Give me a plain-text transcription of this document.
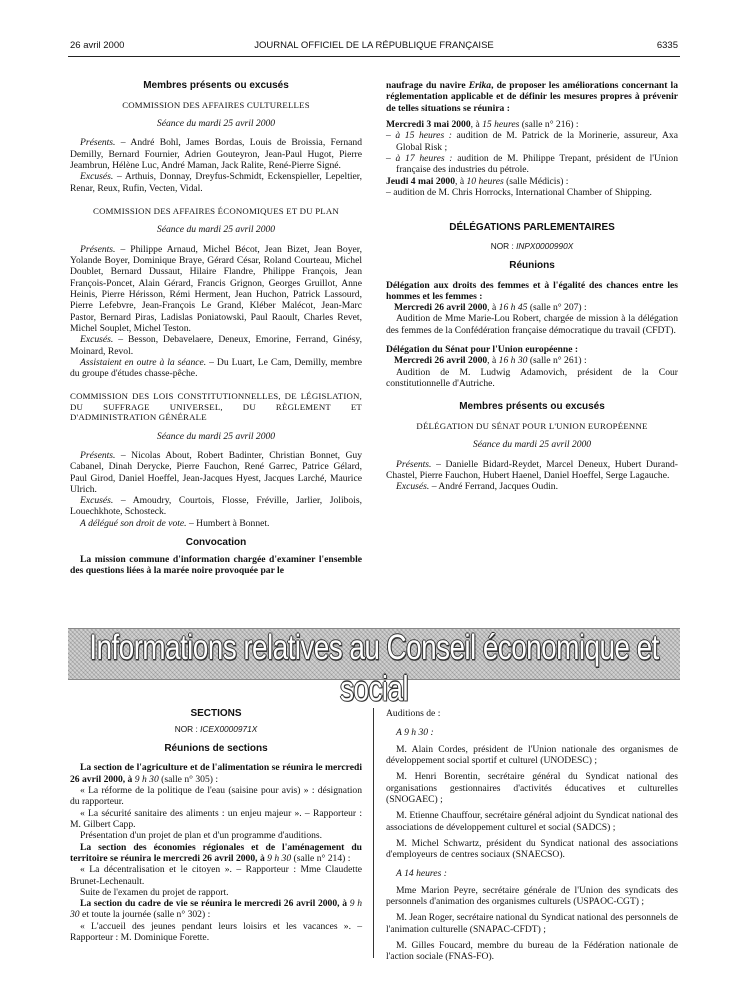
26 avril 2000	JOURNAL OFFICIEL DE LA RÉPUBLIQUE FRANÇAISE	6335
Membres présents ou excusés
COMMISSION DES AFFAIRES CULTURELLES
Séance du mardi 25 avril 2000

Présents. – André Bohl, James Bordas, Louis de Broissia, Fernand Demilly, Bernard Fournier, Adrien Gouteyron, Jean-Paul Hugot, Pierre Jeambrun, Hélène Luc, André Maman, Jack Ralite, René-Pierre Signé.

Excusés. – Arthuis, Donnay, Dreyfus-Schmidt, Eckenspieller, Lepeltier, Renar, Reux, Rufin, Vecten, Vidal.

COMMISSION DES AFFAIRES ÉCONOMIQUES ET DU PLAN
Séance du mardi 25 avril 2000

Présents. – Philippe Arnaud, Michel Bécot, Jean Bizet, Jean Boyer, Yolande Boyer, Dominique Braye, Gérard César, Roland Courteau, Michel Doublet, Bernard Dussaut, Hilaire Flandre, Philippe François, Jean François-Poncet, Alain Gérard, Francis Grignon, Georges Gruillot, Anne Heinis, Pierre Hérisson, Rémi Herment, Jean Huchon, Patrick Lassourd, Pierre Lefebvre, Jean-François Le Grand, Kléber Malécot, Jean-Marc Pastor, Bernard Piras, Ladislas Poniatowski, Paul Raoult, Charles Revet, Michel Souplet, Michel Teston.

Excusés. – Besson, Debavelaere, Deneux, Emorine, Ferrand, Ginésy, Moinard, Revol.

Assistaient en outre à la séance. – Du Luart, Le Cam, Demilly, membre du groupe d'études chasse-pêche.

COMMISSION DES LOIS CONSTITUTIONNELLES, DE LÉGISLATION, DU SUFFRAGE UNIVERSEL, DU RÈGLEMENT ET D'ADMINISTRATION GÉNÉRALE

Séance du mardi 25 avril 2000

Présents. – Nicolas About, Robert Badinter, Christian Bonnet, Guy Cabanel, Dinah Derycke, Pierre Fauchon, René Garrec, Patrice Gélard, Paul Girod, Daniel Hoeffel, Jean-Jacques Hyest, Jacques Larché, Maurice Ulrich.

Excusés. – Amoudry, Courtois, Flosse, Fréville, Jarlier, Jolibois, Louechkhote, Schosteck.

A délégué son droit de vote. – Humbert à Bonnet.

Convocation

La mission commune d'information chargée d'examiner l'ensemble des questions liées à la marée noire provoquée par le

naufrage du navire Erika, de proposer les améliorations concernant la réglementation applicable et de définir les mesures propres à prévenir de telles situations se réunira :

Mercredi 3 mai 2000, à 15 heures (salle n° 216) :

– à 15 heures : audition de M. Patrick de la Morinerie, assureur, Axa Global Risk ;

– à 17 heures : audition de M. Philippe Trepant, président de l'Union française des industries du pétrole.

Jeudi 4 mai 2000, à 10 heures (salle Médicis) :

– audition de M. Chris Horrocks, International Chamber of Shipping.

DÉLÉGATIONS PARLEMENTAIRES
NOR : INPX0000990X
Réunions

Délégation aux droits des femmes et à l'égalité des chances entre les hommes et les femmes :

Mercredi 26 avril 2000, à 16 h 45 (salle n° 207) :

Audition de Mme Marie-Lou Robert, chargée de mission à la délégation des femmes de la Confédération française démocratique du travail (CFDT).

Délégation du Sénat pour l'Union européenne :

Mercredi 26 avril 2000, à 16 h 30 (salle n° 261) :

Audition de M. Ludwig Adamovich, président de la Cour constitutionnelle d'Autriche.

Membres présents ou excusés
DÉLÉGATION DU SÉNAT POUR L'UNION EUROPÉENNE
Séance du mardi 25 avril 2000

Présents. – Danielle Bidard-Reydet, Marcel Deneux, Hubert Durand-Chastel, Pierre Fauchon, Hubert Haenel, Daniel Hoeffel, Serge Lagauche.

Excusés. – André Ferrand, Jacques Oudin.

Informations relatives au Conseil économique et social
SECTIONS
NOR : ICEX0000971X
Réunions de sections

La section de l'agriculture et de l'alimentation se réunira le mercredi 26 avril 2000, à 9 h 30 (salle n° 305) :

« La réforme de la politique de l'eau (saisine pour avis) » : désignation du rapporteur.

« La sécurité sanitaire des aliments : un enjeu majeur ». – Rapporteur : M. Gilbert Capp.

Présentation d'un projet de plan et d'un programme d'auditions.

La section des économies régionales et de l'aménagement du territoire se réunira le mercredi 26 avril 2000, à 9 h 30 (salle n° 214) :

« La décentralisation et le citoyen ». – Rapporteur : Mme Claudette Brunet-Lechenault.

Suite de l'examen du projet de rapport.

La section du cadre de vie se réunira le mercredi 26 avril 2000, à 9 h 30 et toute la journée (salle n° 302) :

« L'accueil des jeunes pendant leurs loisirs et les vacances ». – Rapporteur : M. Dominique Forette.

Auditions de :

A 9 h 30 :

M. Alain Cordes, président de l'Union nationale des organismes de développement social sportif et culturel (UNODESC) ;

M. Henri Borentin, secrétaire général du Syndicat national des organisations gestionnaires d'activités éducatives et culturelles (SNOGAEC) ;

M. Etienne Chauffour, secrétaire général adjoint du Syndicat national des associations de développement culturel et social (SADCS) ;

M. Michel Schwartz, président du Syndicat national des associations d'employeurs de centres sociaux (SNAECSO).

A 14 heures :

Mme Marion Peyre, secrétaire générale de l'Union des syndicats des personnels d'animation des organismes culturels (USPAOC-CGT) ;

M. Jean Roger, secrétaire national du Syndicat national des personnels de l'animation culturelle (SNAPAC-CFDT) ;

M. Gilles Foucard, membre du bureau de la Fédération nationale de l'action sociale (FNAS-FO).
